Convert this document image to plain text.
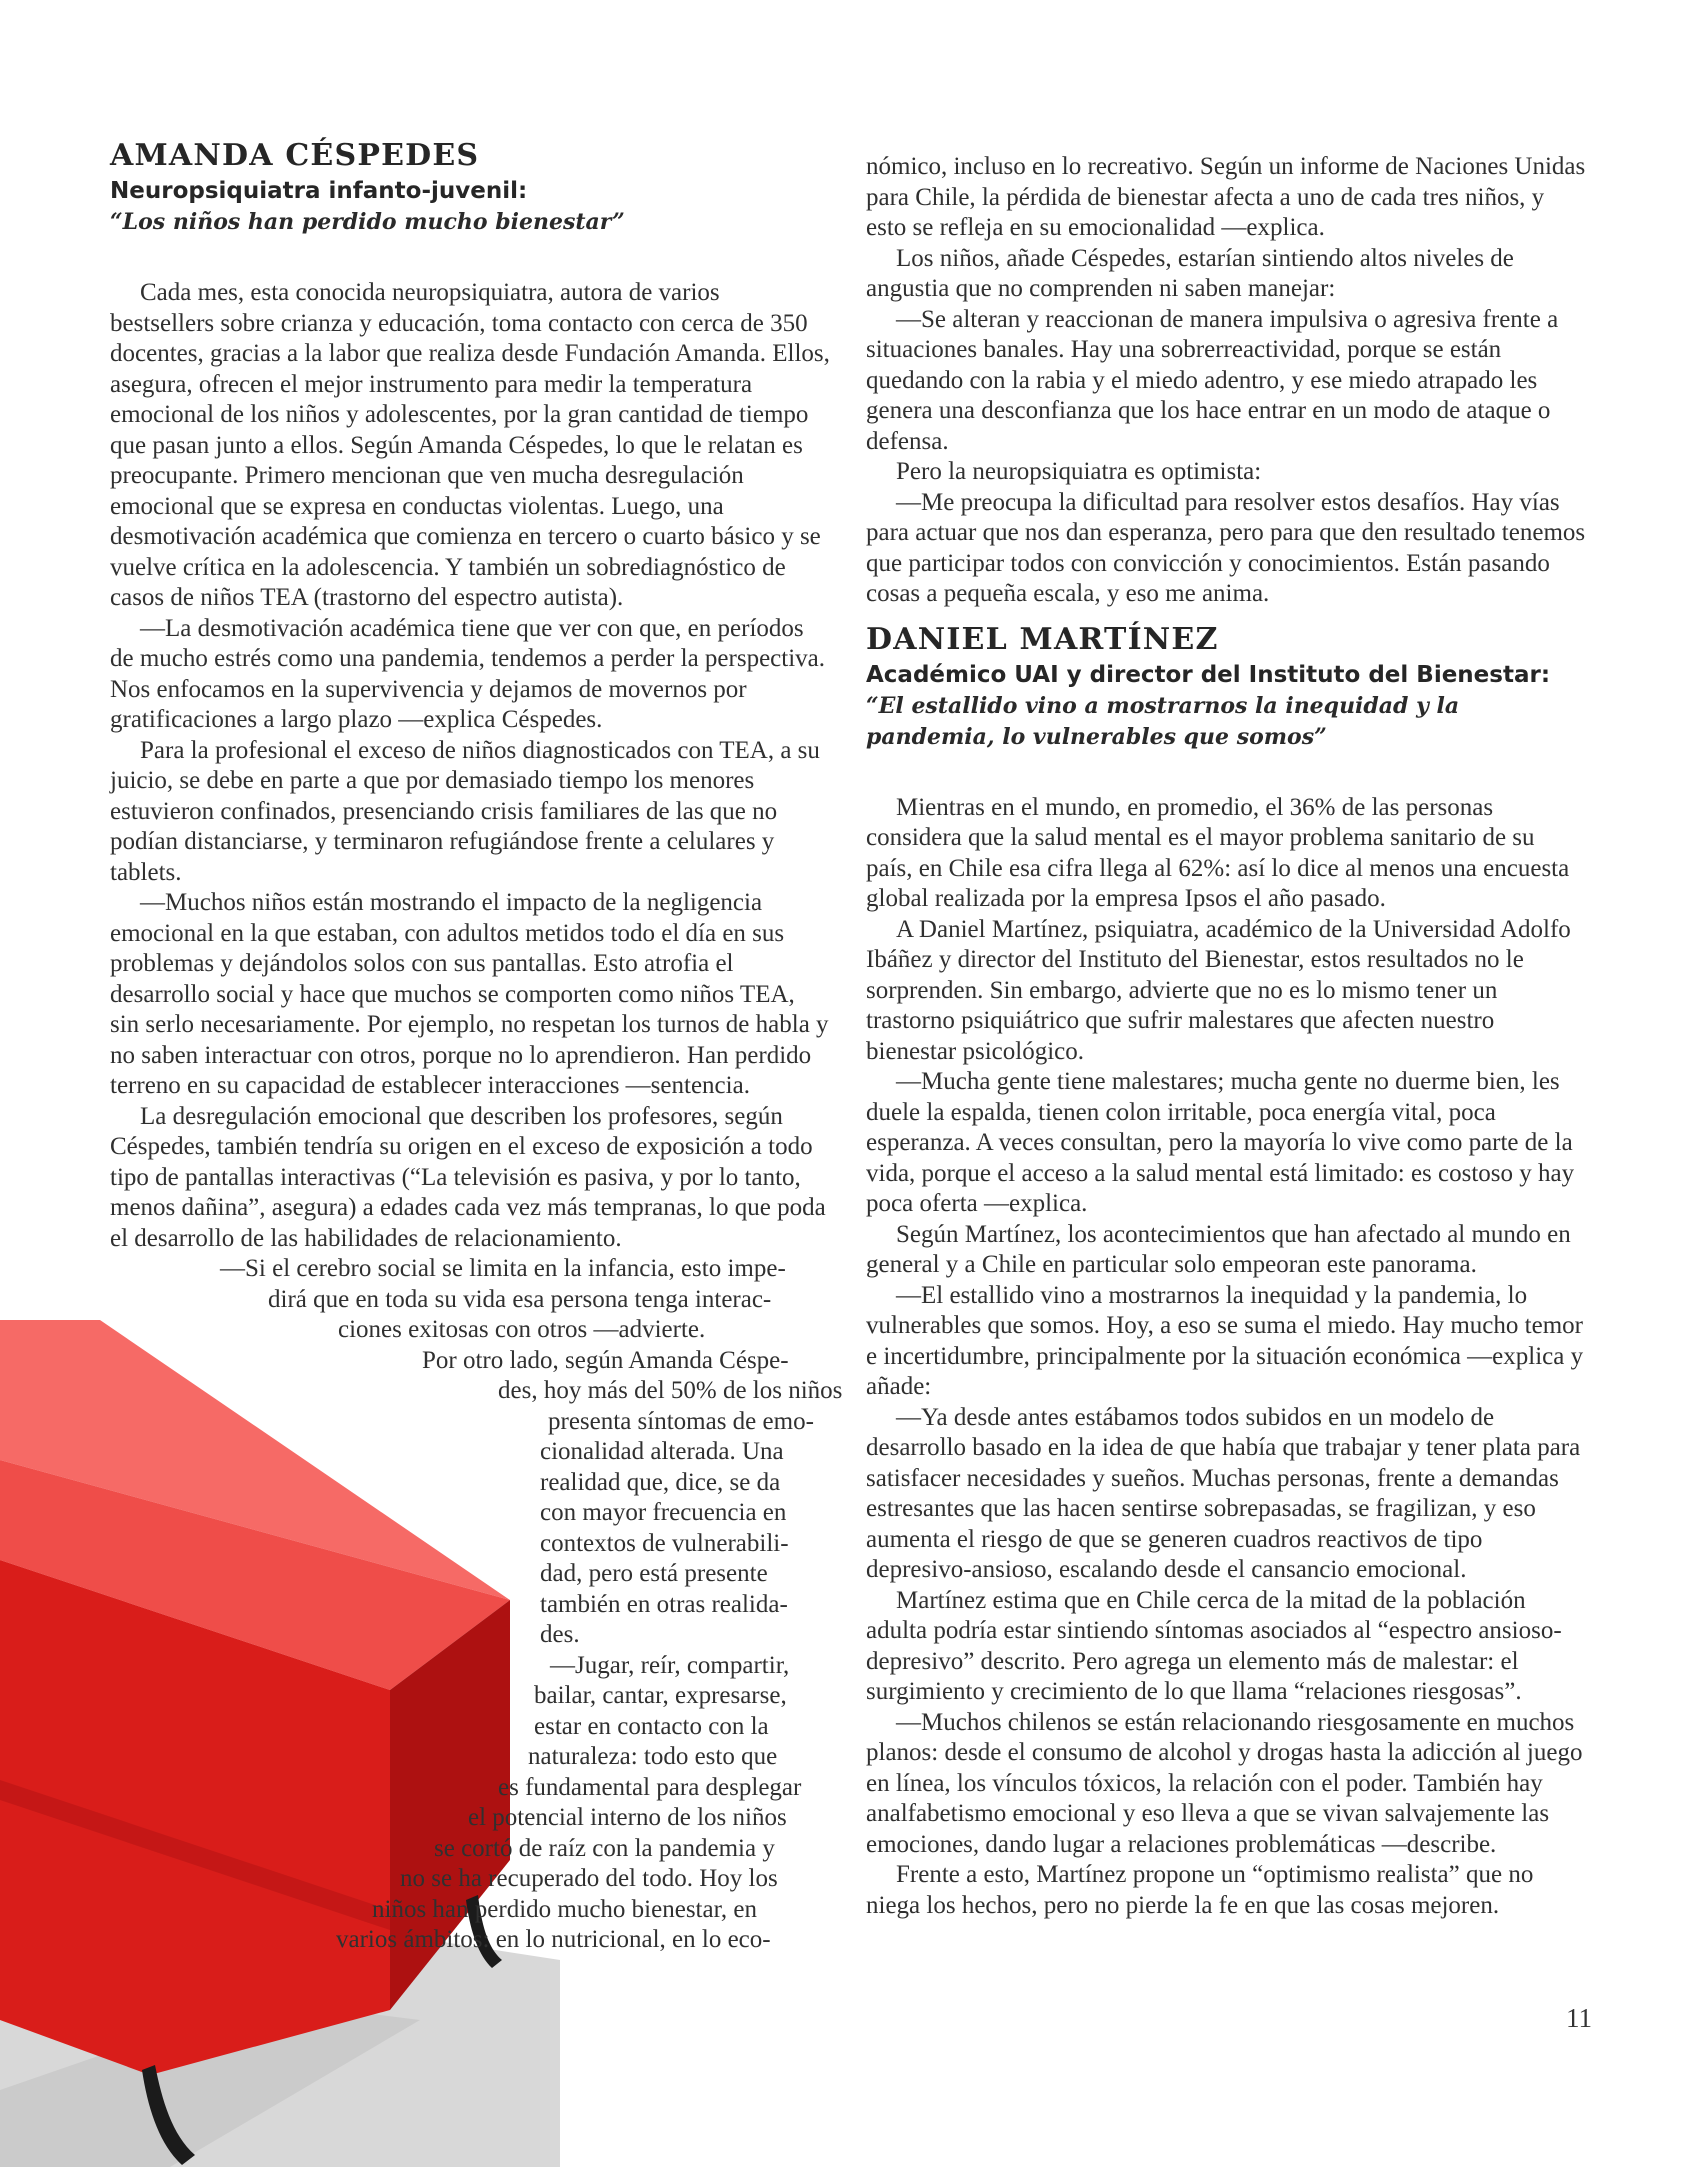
AMANDA CÉSPEDES
Neuropsiquiatra infanto-juvenil:
“Los niños han perdido mucho bienestar”

Cada mes, esta conocida neuropsiquiatra, autora de varios bestsellers sobre crianza y educación, toma contacto con cerca de 350 docentes, gracias a la labor que realiza desde Fundación Amanda. Ellos, asegura, ofrecen el mejor instrumento para medir la temperatura emocional de los niños y adolescentes, por la gran cantidad de tiempo que pasan junto a ellos. Según Amanda Céspedes, lo que le relatan es preocupante. Primero mencionan que ven mucha desregulación emocional que se expresa en conductas violentas. Luego, una desmotivación académica que comienza en tercero o cuarto básico y se vuelve crítica en la adolescencia. Y también un sobrediagnóstico de casos de niños TEA (trastorno del espectro autista).

—La desmotivación académica tiene que ver con que, en períodos de mucho estrés como una pandemia, tendemos a perder la perspectiva. Nos enfocamos en la supervivencia y dejamos de movernos por gratificaciones a largo plazo —explica Céspedes.

Para la profesional el exceso de niños diagnosticados con TEA, a su juicio, se debe en parte a que por demasiado tiempo los menores estuvieron confinados, presenciando crisis familiares de las que no podían distanciarse, y terminaron refugiándose frente a celulares y tablets.

—Muchos niños están mostrando el impacto de la negligencia emocional en la que estaban, con adultos metidos todo el día en sus problemas y dejándolos solos con sus pantallas. Esto atrofia el desarrollo social y hace que muchos se comporten como niños TEA, sin serlo necesariamente. Por ejemplo, no respetan los turnos de habla y no saben interactuar con otros, porque no lo aprendieron. Han perdido terreno en su capacidad de establecer interacciones —sentencia.

La desregulación emocional que describen los profesores, según Céspedes, también tendría su origen en el exceso de exposición a todo tipo de pantallas interactivas (“La televisión es pasiva, y por lo tanto, menos dañina”, asegura) a edades cada vez más tempranas, lo que poda el desarrollo de las habilidades de relacionamiento.

—Si el cerebro social se limita en la infancia, esto impe-
dirá que en toda su vida esa persona tenga interac-
ciones exitosas con otros —advierte.
Por otro lado, según Amanda Céspe-
des, hoy más del 50% de los niños
presenta síntomas de emo-
cionalidad alterada. Una
realidad que, dice, se da
con mayor frecuencia en
contextos de vulnerabili-
dad, pero está presente
también en otras realida-
des.
—Jugar, reír, compartir,
bailar, cantar, expresarse,
estar en contacto con la
naturaleza: todo esto que
es fundamental para desplegar
el potencial interno de los niños
se cortó de raíz con la pandemia y
no se ha recuperado del todo. Hoy los
niños han perdido mucho bienestar, en
varios ámbitos: en lo nutricional, en lo eco-

nómico, incluso en lo recreativo. Según un informe de Naciones Unidas para Chile, la pérdida de bienestar afecta a uno de cada tres niños, y esto se refleja en su emocionalidad —explica.

Los niños, añade Céspedes, estarían sintiendo altos niveles de angustia que no comprenden ni saben manejar:

—Se alteran y reaccionan de manera impulsiva o agresiva frente a situaciones banales. Hay una sobrerreactividad, porque se están quedando con la rabia y el miedo adentro, y ese miedo atrapado les genera una desconfianza que los hace entrar en un modo de ataque o defensa.

Pero la neuropsiquiatra es optimista:

—Me preocupa la dificultad para resolver estos desafíos. Hay vías para actuar que nos dan esperanza, pero para que den resultado tenemos que participar todos con convicción y conocimientos. Están pasando cosas a pequeña escala, y eso me anima.

DANIEL MARTÍNEZ
Académico UAI y director del Instituto del Bienestar:
“El estallido vino a mostrarnos la inequidad y la pandemia, lo vulnerables que somos”

Mientras en el mundo, en promedio, el 36% de las personas considera que la salud mental es el mayor problema sanitario de su país, en Chile esa cifra llega al 62%: así lo dice al menos una encuesta global realizada por la empresa Ipsos el año pasado.

A Daniel Martínez, psiquiatra, académico de la Universidad Adolfo Ibáñez y director del Instituto del Bienestar, estos resultados no le sorprenden. Sin embargo, advierte que no es lo mismo tener un trastorno psiquiátrico que sufrir malestares que afecten nuestro bienestar psicológico.

—Mucha gente tiene malestares; mucha gente no duerme bien, les duele la espalda, tienen colon irritable, poca energía vital, poca esperanza. A veces consultan, pero la mayoría lo vive como parte de la vida, porque el acceso a la salud mental está limitado: es costoso y hay poca oferta —explica.

Según Martínez, los acontecimientos que han afectado al mundo en general y a Chile en particular solo empeoran este panorama.

—El estallido vino a mostrarnos la inequidad y la pandemia, lo vulnerables que somos. Hoy, a eso se suma el miedo. Hay mucho temor e incertidumbre, principalmente por la situación económica —explica y añade:

—Ya desde antes estábamos todos subidos en un modelo de desarrollo basado en la idea de que había que trabajar y tener plata para satisfacer necesidades y sueños. Muchas personas, frente a demandas estresantes que las hacen sentirse sobrepasadas, se fragilizan, y eso aumenta el riesgo de que se generen cuadros reactivos de tipo depresivo-ansioso, escalando desde el cansancio emocional.

Martínez estima que en Chile cerca de la mitad de la población adulta podría estar sintiendo síntomas asociados al “espectro ansioso-depresivo” descrito. Pero agrega un elemento más de malestar: el surgimiento y crecimiento de lo que llama “relaciones riesgosas”.

—Muchos chilenos se están relacionando riesgosamente en muchos planos: desde el consumo de alcohol y drogas hasta la adicción al juego en línea, los vínculos tóxicos, la relación con el poder. También hay analfabetismo emocional y eso lleva a que se vivan salvajemente las emociones, dando lugar a relaciones problemáticas —describe.

Frente a esto, Martínez propone un “optimismo realista” que no niega los hechos, pero no pierde la fe en que las cosas mejoren.

11
